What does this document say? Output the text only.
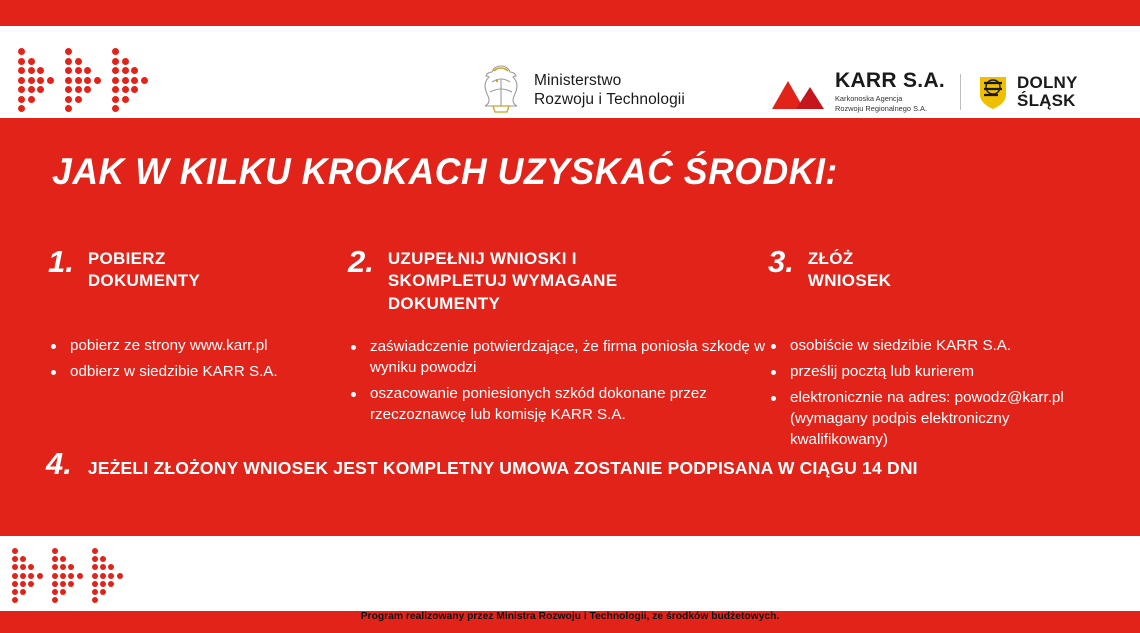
Ministerstwo
Rozwoju i Technologii
KARR S.A.
Karkonoska Agencja
Rozwoju Regionalnego S.A.
DOLNY
ŚLĄSK
JAK W KILKU KROKACH UZYSKAĆ ŚRODKI:
1. POBIERZ
DOKUMENTY
pobierz ze strony www.karr.pl
odbierz w siedzibie KARR S.A.
2. UZUPEŁNIJ WNIOSKI I
SKOMPLETUJ WYMAGANE
DOKUMENTY
zaświadczenie potwierdzające, że firma poniosła szkodę w wyniku powodzi
oszacowanie poniesionych szkód dokonane przez rzeczoznawcę lub komisję KARR S.A.
3. ZŁÓŻ
WNIOSEK
osobiście w siedzibie KARR S.A.
prześlij pocztą lub kurierem
elektronicznie na adres: powodz@karr.pl (wymagany podpis elektroniczny kwalifikowany)
4. JEŻELI ZŁOŻONY WNIOSEK JEST KOMPLETNY UMOWA ZOSTANIE PODPISANA W CIĄGU 14 DNI
Program realizowany przez Ministra Rozwoju i Technologii, ze środków budżetowych.
